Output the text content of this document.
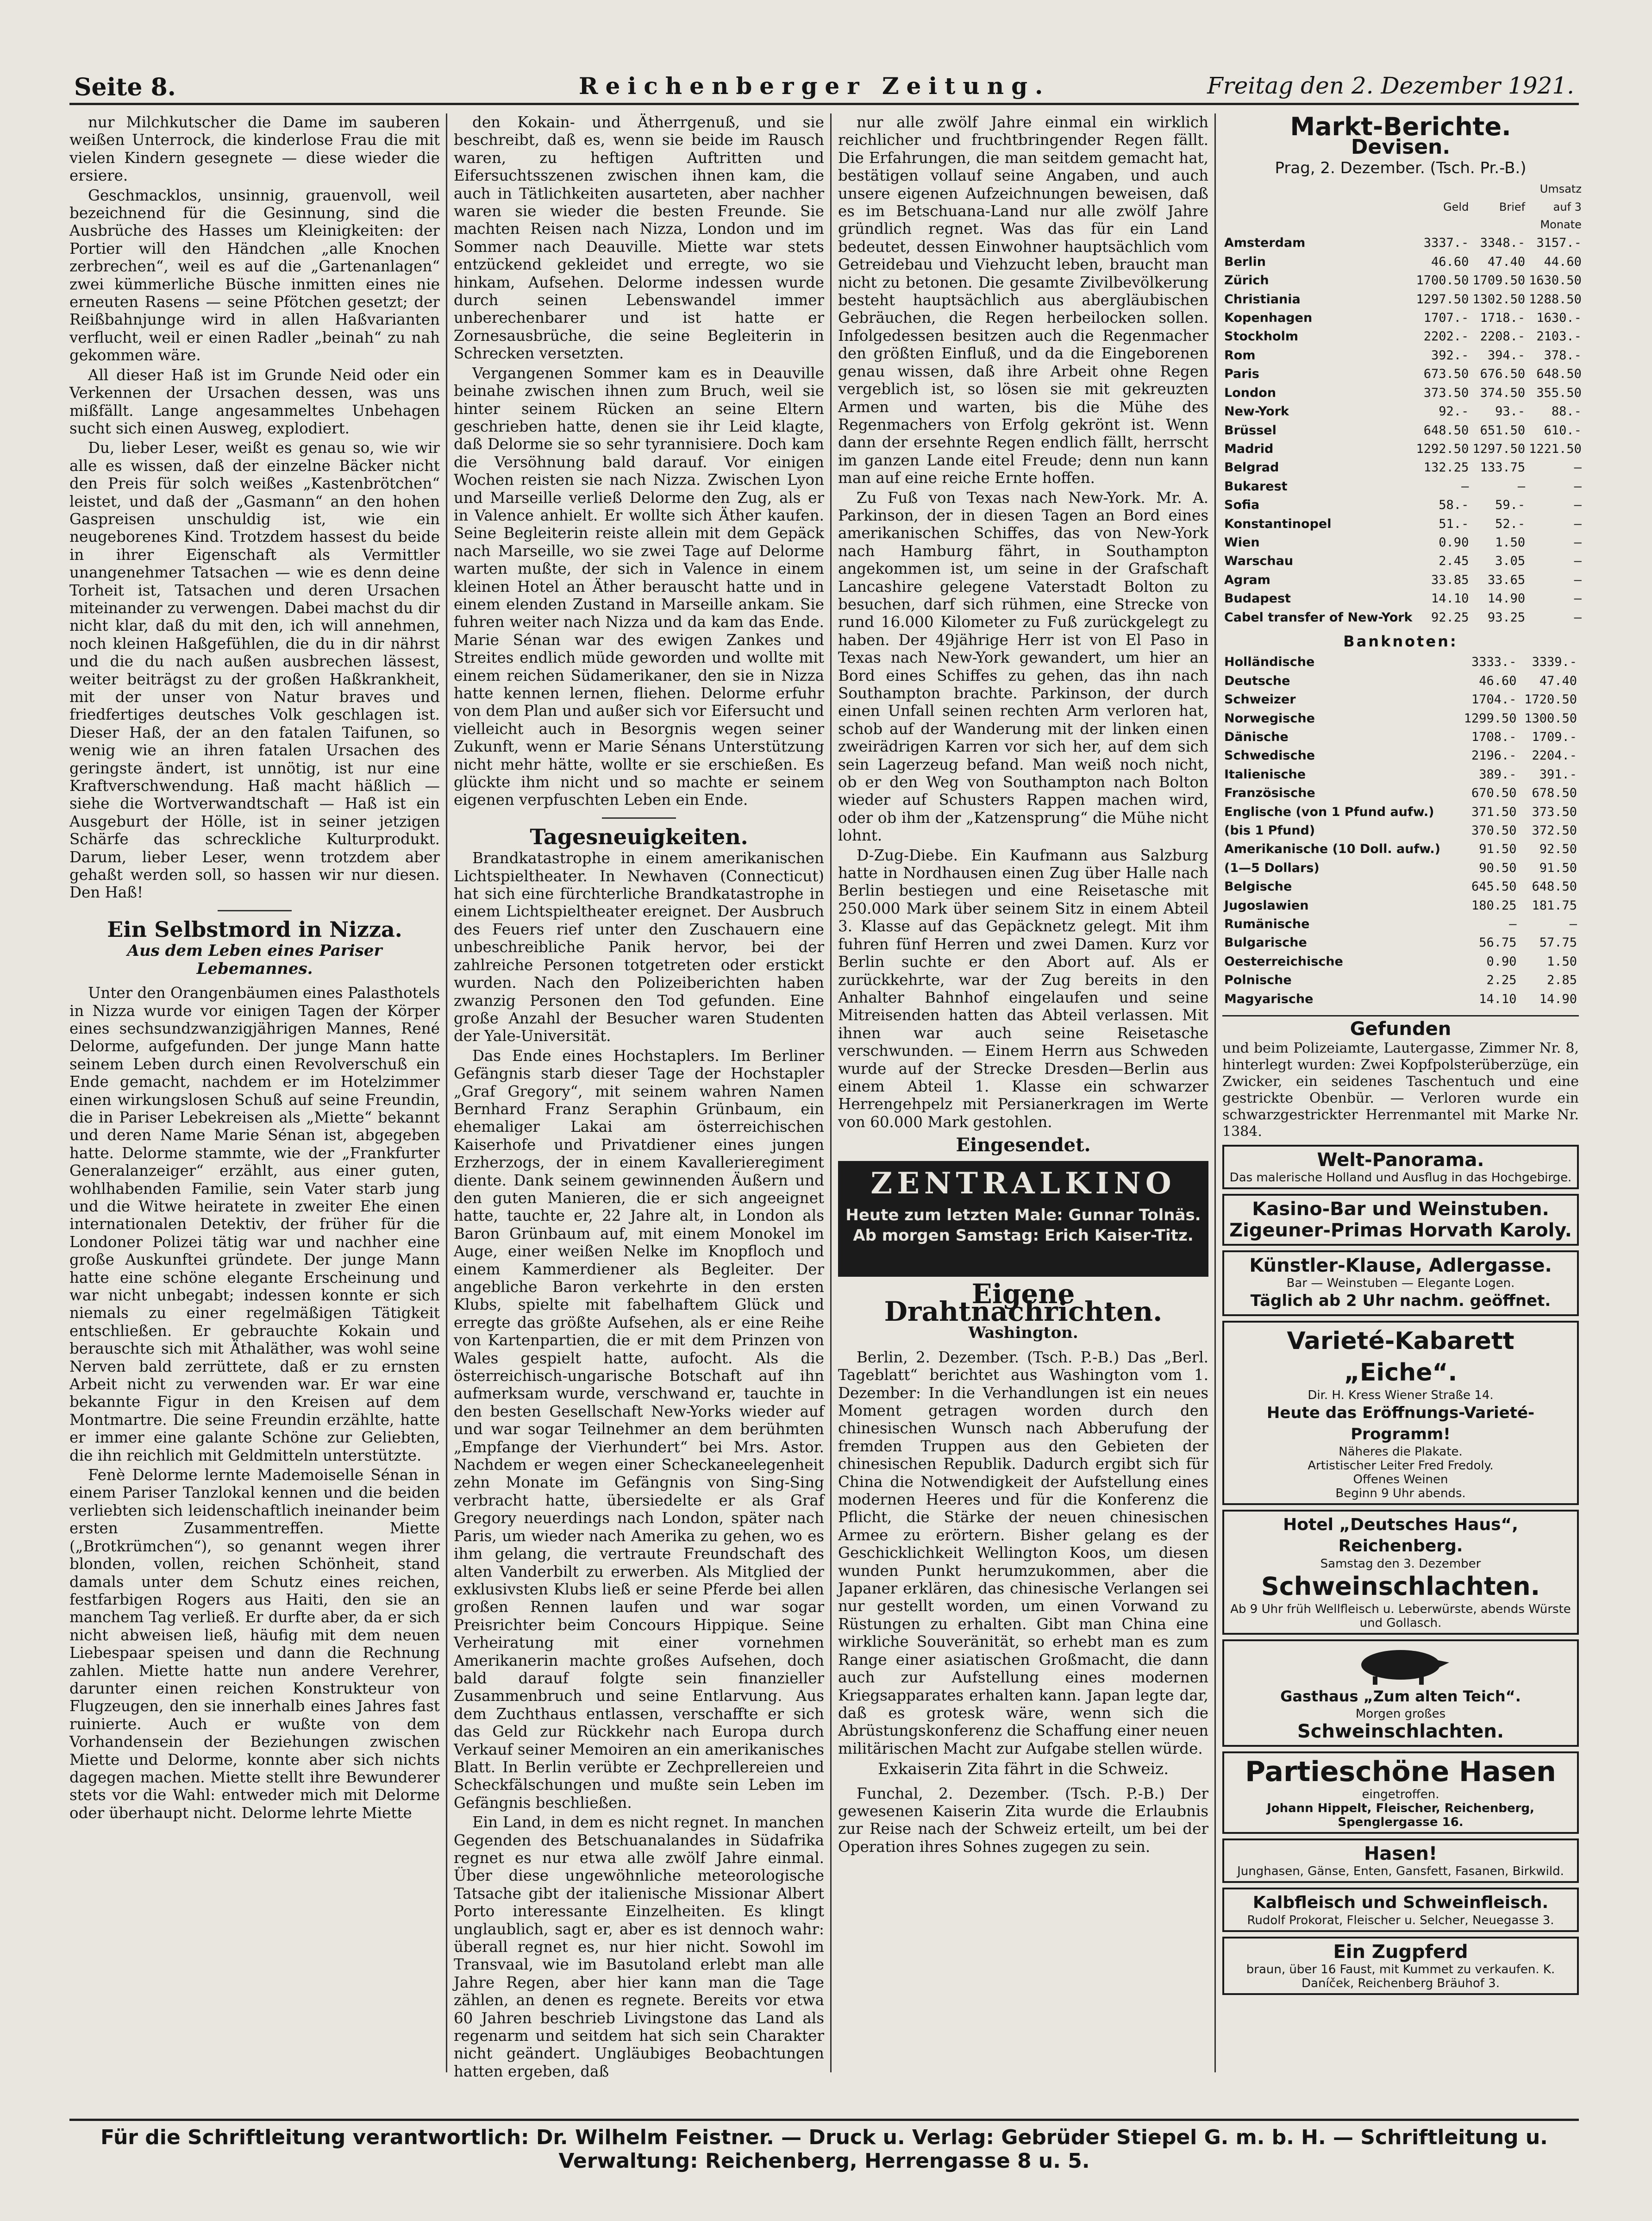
Seite 8.	Reichenberger Zeitung.	Freitag den 2. Dezember 1921.

nur Milchkutscher die Dame im sauberen weißen Unterrock, die kinderlose Frau die mit vielen Kindern gesegnete — diese wieder die ersiere.

Geschmacklos, unsinnig, grauenvoll, weil bezeichnend für die Gesinnung, sind die Ausbrüche des Hasses um Kleinigkeiten: der Portier will den Händchen „alle Knochen zerbrechen“, weil es auf die „Gartenanlagen“ zwei kümmerliche Büsche inmitten eines nie erneuten Rasens — seine Pfötchen gesetzt; der Reißbahnjunge wird in allen Haßvarianten verflucht, weil er einen Radler „beinah“ zu nah gekommen wäre.

All dieser Haß ist im Grunde Neid oder ein Verkennen der Ursachen dessen, was uns mißfällt. Lange angesammeltes Unbehagen sucht sich einen Ausweg, explodiert.

Du, lieber Leser, weißt es genau so, wie wir alle es wissen, daß der einzelne Bäcker nicht den Preis für solch weißes „Kastenbrötchen“ leistet, und daß der „Gasmann“ an den hohen Gaspreisen unschuldig ist, wie ein neugeborenes Kind. Trotzdem hassest du beide in ihrer Eigenschaft als Vermittler unangenehmer Tatsachen — wie es denn deine Torheit ist, Tatsachen und deren Ursachen miteinander zu verwengen. Dabei machst du dir nicht klar, daß du mit den, ich will annehmen, noch kleinen Haßgefühlen, die du in dir nährst und die du nach außen ausbrechen lässest, weiter beiträgst zu der großen Haßkrankheit, mit der unser von Natur braves und friedfertiges deutsches Volk geschlagen ist. Dieser Haß, der an den fatalen Taifunen, so wenig wie an ihren fatalen Ursachen des geringste ändert, ist unnötig, ist nur eine Kraftverschwendung. Haß macht häßlich — siehe die Wortverwandtschaft — Haß ist ein Ausgeburt der Hölle, ist in seiner jetzigen Schärfe das schreckliche Kulturprodukt. Darum, lieber Leser, wenn trotzdem aber gehaßt werden soll, so hassen wir nur diesen. Den Haß!

Ein Selbstmord in Nizza.
Aus dem Leben eines Pariser Lebemannes.

Unter den Orangenbäumen eines Palasthotels in Nizza wurde vor einigen Tagen der Körper eines sechsundzwanzigjährigen Mannes, René Delorme, aufgefunden. Der junge Mann hatte seinem Leben durch einen Revolverschuß ein Ende gemacht, nachdem er im Hotelzimmer einen wirkungslosen Schuß auf seine Freundin, die in Pariser Lebekreisen als „Miette“ bekannt und deren Name Marie Sénan ist, abgegeben hatte. Delorme stammte, wie der „Frankfurter Generalanzeiger“ erzählt, aus einer guten, wohlhabenden Familie, sein Vater starb jung und die Witwe heiratete in zweiter Ehe einen internationalen Detektiv, der früher für die Londoner Polizei tätig war und nachher eine große Auskunftei gründete. Der junge Mann hatte eine schöne elegante Erscheinung und war nicht unbegabt; indessen konnte er sich niemals zu einer regelmäßigen Tätigkeit entschließen. Er gebrauchte Kokain und berauschte sich mit Äthaläther, was wohl seine Nerven bald zerrüttete, daß er zu ernsten Arbeit nicht zu verwenden war. Er war eine bekannte Figur in den Kreisen auf dem Montmartre. Die seine Freundin erzählte, hatte er immer eine galante Schöne zur Geliebten, die ihn reichlich mit Geldmitteln unterstützte.

Fenè Delorme lernte Mademoiselle Sénan in einem Pariser Tanzlokal kennen und die beiden verliebten sich leidenschaftlich ineinander beim ersten Zusammentreffen. Miette („Brotkrümchen“), so genannt wegen ihrer blonden, vollen, reichen Schönheit, stand damals unter dem Schutz eines reichen, festfarbigen Rogers aus Haiti, den sie an manchem Tag verließ. Er durfte aber, da er sich nicht abweisen ließ, häufig mit dem neuen Liebespaar speisen und dann die Rechnung zahlen. Miette hatte nun andere Verehrer, darunter einen reichen Konstrukteur von Flugzeugen, den sie innerhalb eines Jahres fast ruinierte. Auch er wußte von dem Vorhandensein der Beziehungen zwischen Miette und Delorme, konnte aber sich nichts dagegen machen. Miette stellt ihre Bewunderer stets vor die Wahl: entweder mich mit Delorme oder überhaupt nicht. Delorme lehrte Miette

den Kokain- und Ätherrgenuß, und sie beschreibt, daß es, wenn sie beide im Rausch waren, zu heftigen Auftritten und Eifersuchtsszenen zwischen ihnen kam, die auch in Tätlichkeiten ausarteten, aber nachher waren sie wieder die besten Freunde. Sie machten Reisen nach Nizza, London und im Sommer nach Deauville. Miette war stets entzückend gekleidet und erregte, wo sie hinkam, Aufsehen. Delorme indessen wurde durch seinen Lebenswandel immer unberechenbarer und ist hatte er Zornesausbrüche, die seine Begleiterin in Schrecken versetzten.

Vergangenen Sommer kam es in Deauville beinahe zwischen ihnen zum Bruch, weil sie hinter seinem Rücken an seine Eltern geschrieben hatte, denen sie ihr Leid klagte, daß Delorme sie so sehr tyrannisiere. Doch kam die Versöhnung bald darauf. Vor einigen Wochen reisten sie nach Nizza. Zwischen Lyon und Marseille verließ Delorme den Zug, als er in Valence anhielt. Er wollte sich Äther kaufen. Seine Begleiterin reiste allein mit dem Gepäck nach Marseille, wo sie zwei Tage auf Delorme warten mußte, der sich in Valence in einem kleinen Hotel an Äther berauscht hatte und in einem elenden Zustand in Marseille ankam. Sie fuhren weiter nach Nizza und da kam das Ende. Marie Sénan war des ewigen Zankes und Streites endlich müde geworden und wollte mit einem reichen Südamerikaner, den sie in Nizza hatte kennen lernen, fliehen. Delorme erfuhr von dem Plan und außer sich vor Eifersucht und vielleicht auch in Besorgnis wegen seiner Zukunft, wenn er Marie Sénans Unterstützung nicht mehr hätte, wollte er sie erschießen. Es glückte ihm nicht und so machte er seinem eigenen verpfuschten Leben ein Ende.

Tagesneuigkeiten.

Brandkatastrophe in einem amerikanischen Lichtspieltheater. In Newhaven (Connecticut) hat sich eine fürchterliche Brandkatastrophe in einem Lichtspieltheater ereignet. Der Ausbruch des Feuers rief unter den Zuschauern eine unbeschreibliche Panik hervor, bei der zahlreiche Personen totgetreten oder erstickt wurden. Nach den Polizeiberichten haben zwanzig Personen den Tod gefunden. Eine große Anzahl der Besucher waren Studenten der Yale-Universität.

Das Ende eines Hochstaplers. Im Berliner Gefängnis starb dieser Tage der Hochstapler „Graf Gregory“, mit seinem wahren Namen Bernhard Franz Seraphin Grünbaum, ein ehemaliger Lakai am österreichischen Kaiserhofe und Privatdiener eines jungen Erzherzogs, der in einem Kavallerieregiment diente. Dank seinem gewinnenden Äußern und den guten Manieren, die er sich angeeignet hatte, tauchte er, 22 Jahre alt, in London als Baron Grünbaum auf, mit einem Monokel im Auge, einer weißen Nelke im Knopfloch und einem Kammerdiener als Begleiter. Der angebliche Baron verkehrte in den ersten Klubs, spielte mit fabelhaftem Glück und erregte das größte Aufsehen, als er eine Reihe von Kartenpartien, die er mit dem Prinzen von Wales gespielt hatte, aufocht. Als die österreichisch-ungarische Botschaft auf ihn aufmerksam wurde, verschwand er, tauchte in den besten Gesellschaft New-Yorks wieder auf und war sogar Teilnehmer an dem berühmten „Empfange der Vierhundert“ bei Mrs. Astor. Nachdem er wegen einer Scheckaneelegenheit zehn Monate im Gefängnis von Sing-Sing verbracht hatte, übersiedelte er als Graf Gregory neuerdings nach London, später nach Paris, um wieder nach Amerika zu gehen, wo es ihm gelang, die vertraute Freundschaft des alten Vanderbilt zu erwerben. Als Mitglied der exklusivsten Klubs ließ er seine Pferde bei allen großen Rennen laufen und war sogar Preisrichter beim Concours Hippique. Seine Verheiratung mit einer vornehmen Amerikanerin machte großes Aufsehen, doch bald darauf folgte sein finanzieller Zusammenbruch und seine Entlarvung. Aus dem Zuchthaus entlassen, verschaffte er sich das Geld zur Rückkehr nach Europa durch Verkauf seiner Memoiren an ein amerikanisches Blatt. In Berlin verübte er Zechprellereien und Scheckfälschungen und mußte sein Leben im Gefängnis beschließen.

Ein Land, in dem es nicht regnet. In manchen Gegenden des Betschuanalandes in Südafrika regnet es nur etwa alle zwölf Jahre einmal. Über diese ungewöhnliche meteorologische Tatsache gibt der italienische Missionar Albert Porto interessante Einzelheiten. Es klingt unglaublich, sagt er, aber es ist dennoch wahr: überall regnet es, nur hier nicht. Sowohl im Transvaal, wie im Basutoland erlebt man alle Jahre Regen, aber hier kann man die Tage zählen, an denen es regnete. Bereits vor etwa 60 Jahren beschrieb Livingstone das Land als regenarm und seitdem hat sich sein Charakter nicht geändert. Ungläubiges Beobachtungen hatten ergeben, daß

nur alle zwölf Jahre einmal ein wirklich reichlicher und fruchtbringender Regen fällt. Die Erfahrungen, die man seitdem gemacht hat, bestätigen vollauf seine Angaben, und auch unsere eigenen Aufzeichnungen beweisen, daß es im Betschuana-Land nur alle zwölf Jahre gründlich regnet. Was das für ein Land bedeutet, dessen Einwohner hauptsächlich vom Getreidebau und Viehzucht leben, braucht man nicht zu betonen. Die gesamte Zivilbevölkerung besteht hauptsächlich aus abergläubischen Gebräuchen, die Regen herbeilocken sollen. Infolgedessen besitzen auch die Regenmacher den größten Einfluß, und da die Eingeborenen genau wissen, daß ihre Arbeit ohne Regen vergeblich ist, so lösen sie mit gekreuzten Armen und warten, bis die Mühe des Regenmachers von Erfolg gekrönt ist. Wenn dann der ersehnte Regen endlich fällt, herrscht im ganzen Lande eitel Freude; denn nun kann man auf eine reiche Ernte hoffen.

Zu Fuß von Texas nach New-York. Mr. A. Parkinson, der in diesen Tagen an Bord eines amerikanischen Schiffes, das von New-York nach Hamburg fährt, in Southampton angekommen ist, um seine in der Grafschaft Lancashire gelegene Vaterstadt Bolton zu besuchen, darf sich rühmen, eine Strecke von rund 16.000 Kilometer zu Fuß zurückgelegt zu haben. Der 49jährige Herr ist von El Paso in Texas nach New-York gewandert, um hier an Bord eines Schiffes zu gehen, das ihn nach Southampton brachte. Parkinson, der durch einen Unfall seinen rechten Arm verloren hat, schob auf der Wanderung mit der linken einen zweirädrigen Karren vor sich her, auf dem sich sein Lagerzeug befand. Man weiß noch nicht, ob er den Weg von Southampton nach Bolton wieder auf Schusters Rappen machen wird, oder ob ihm der „Katzensprung“ die Mühe nicht lohnt.

D-Zug-Diebe. Ein Kaufmann aus Salzburg hatte in Nordhausen einen Zug über Halle nach Berlin bestiegen und eine Reisetasche mit 250.000 Mark über seinem Sitz in einem Abteil 3. Klasse auf das Gepäcknetz gelegt. Mit ihm fuhren fünf Herren und zwei Damen. Kurz vor Berlin suchte er den Abort auf. Als er zurückkehrte, war der Zug bereits in den Anhalter Bahnhof eingelaufen und seine Mitreisenden hatten das Abteil verlassen. Mit ihnen war auch seine Reisetasche verschwunden. — Einem Herrn aus Schweden wurde auf der Strecke Dresden—Berlin aus einem Abteil 1. Klasse ein schwarzer Herrengehpelz mit Persianerkragen im Werte von 60.000 Mark gestohlen.

Eingesendet.
ZENTRALKINO
Heute zum letzten Male: Gunnar Tolnäs.
Ab morgen Samstag: Erich Kaiser-Titz.
Eigene Drahtnachrichten.
Washington.

Berlin, 2. Dezember. (Tsch. P.-B.) Das „Berl. Tageblatt“ berichtet aus Washington vom 1. Dezember: In die Verhandlungen ist ein neues Moment getragen worden durch den chinesischen Wunsch nach Abberufung der fremden Truppen aus den Gebieten der chinesischen Republik. Dadurch ergibt sich für China die Notwendigkeit der Aufstellung eines modernen Heeres und für die Konferenz die Pflicht, die Stärke der neuen chinesischen Armee zu erörtern. Bisher gelang es der Geschicklichkeit Wellington Koos, um diesen wunden Punkt herumzukommen, aber die Japaner erklären, das chinesische Verlangen sei nur gestellt worden, um einen Vorwand zu Rüstungen zu erhalten. Gibt man China eine wirkliche Souveränität, so erhebt man es zum Range einer asiatischen Großmacht, die dann auch zur Aufstellung eines modernen Kriegsapparates erhalten kann. Japan legte dar, daß es grotesk wäre, wenn sich die Abrüstungskonferenz die Schaffung einer neuen militärischen Macht zur Aufgabe stellen würde.

Exkaiserin Zita fährt in die Schweiz.

Funchal, 2. Dezember. (Tsch. P.-B.) Der gewesenen Kaiserin Zita wurde die Erlaubnis zur Reise nach der Schweiz erteilt, um bei der Operation ihres Sohnes zugegen zu sein.

Markt-Berichte.
Devisen.
Prag, 2. Dezember. (Tsch. Pr.-B.)
	Geld	Brief	Umsatz auf 3 Monate
Amsterdam	3337.-	3348.-	3157.-
Berlin	46.60	47.40	44.60
Zürich	1700.50	1709.50	1630.50
Christiania	1297.50	1302.50	1288.50
Kopenhagen	1707.-	1718.-	1630.-
Stockholm	2202.-	2208.-	2103.-
Rom	392.-	394.-	378.-
Paris	673.50	676.50	648.50
London	373.50	374.50	355.50
New-York	92.-	93.-	88.-
Brüssel	648.50	651.50	610.-
Madrid	1292.50	1297.50	1221.50
Belgrad	132.25	133.75	—
Bukarest	—	—	—
Sofia	58.-	59.-	—
Konstantinopel	51.-	52.-	—
Wien	0.90	1.50	—
Warschau	2.45	3.05	—
Agram	33.85	33.65	—
Budapest	14.10	14.90	—
Cabel transfer of New-York	92.25	93.25	—
Banknoten:
Holländische	3333.-	3339.-
Deutsche	46.60	47.40
Schweizer	1704.-	1720.50
Norwegische	1299.50	1300.50
Dänische	1708.-	1709.-
Schwedische	2196.-	2204.-
Italienische	389.-	391.-
Französische	670.50	678.50
Englische (von 1 Pfund aufw.)	371.50	373.50
(bis 1 Pfund)	370.50	372.50
Amerikanische (10 Doll. aufw.)	91.50	92.50
(1—5 Dollars)	90.50	91.50
Belgische	645.50	648.50
Jugoslawien	180.25	181.75
Rumänische	—	—
Bulgarische	56.75	57.75
Oesterreichische	0.90	1.50
Polnische	2.25	2.85
Magyarische	14.10	14.90
Gefunden
und beim Polizeiamte, Lautergasse, Zimmer Nr. 8, hinterlegt wurden: Zwei Kopfpolsterüberzüge, ein Zwicker, ein seidenes Taschentuch und eine gestrickte Obenbür. — Verloren wurde ein schwarzgestrickter Herrenmantel mit Marke Nr. 1384.
Welt-Panorama.
Das malerische Holland und Ausflug in das Hochgebirge.
Kasino-Bar und Weinstuben.
Zigeuner-Primas Horvath Karoly.
Künstler-Klause, Adlergasse.
Bar — Weinstuben — Elegante Logen.
Täglich ab 2 Uhr nachm. geöffnet.
Varieté-Kabarett „Eiche“.
Dir. H. Kress Wiener Straße 14.
Heute das Eröffnungs-Varieté-Programm!
Näheres die Plakate.
Artistischer Leiter Fred Fredoly.
Offenes Weinen
Beginn 9 Uhr abends.
Hotel „Deutsches Haus“, Reichenberg.
Samstag den 3. Dezember
Schweinschlachten.
Ab 9 Uhr früh Wellfleisch u. Leberwürste, abends Würste und Gollasch.
Gasthaus „Zum alten Teich“.
Morgen großes
Schweinschlachten.
Partieschöne Hasen
eingetroffen.
Johann Hippelt, Fleischer, Reichenberg, Spenglergasse 16.
Hasen!
Junghasen, Gänse, Enten, Gansfett, Fasanen, Birkwild.
Kalbfleisch und Schweinfleisch.
Rudolf Prokorat, Fleischer u. Selcher, Neuegasse 3.
Ein Zugpferd
braun, über 16 Faust, mit Kummet zu verkaufen. K. Daníček, Reichenberg Bräuhof 3.
Für die Schriftleitung verantwortlich: Dr. Wilhelm Feistner. — Druck u. Verlag: Gebrüder Stiepel G. m. b. H. — Schriftleitung u. Verwaltung: Reichenberg, Herrengasse 8 u. 5.
